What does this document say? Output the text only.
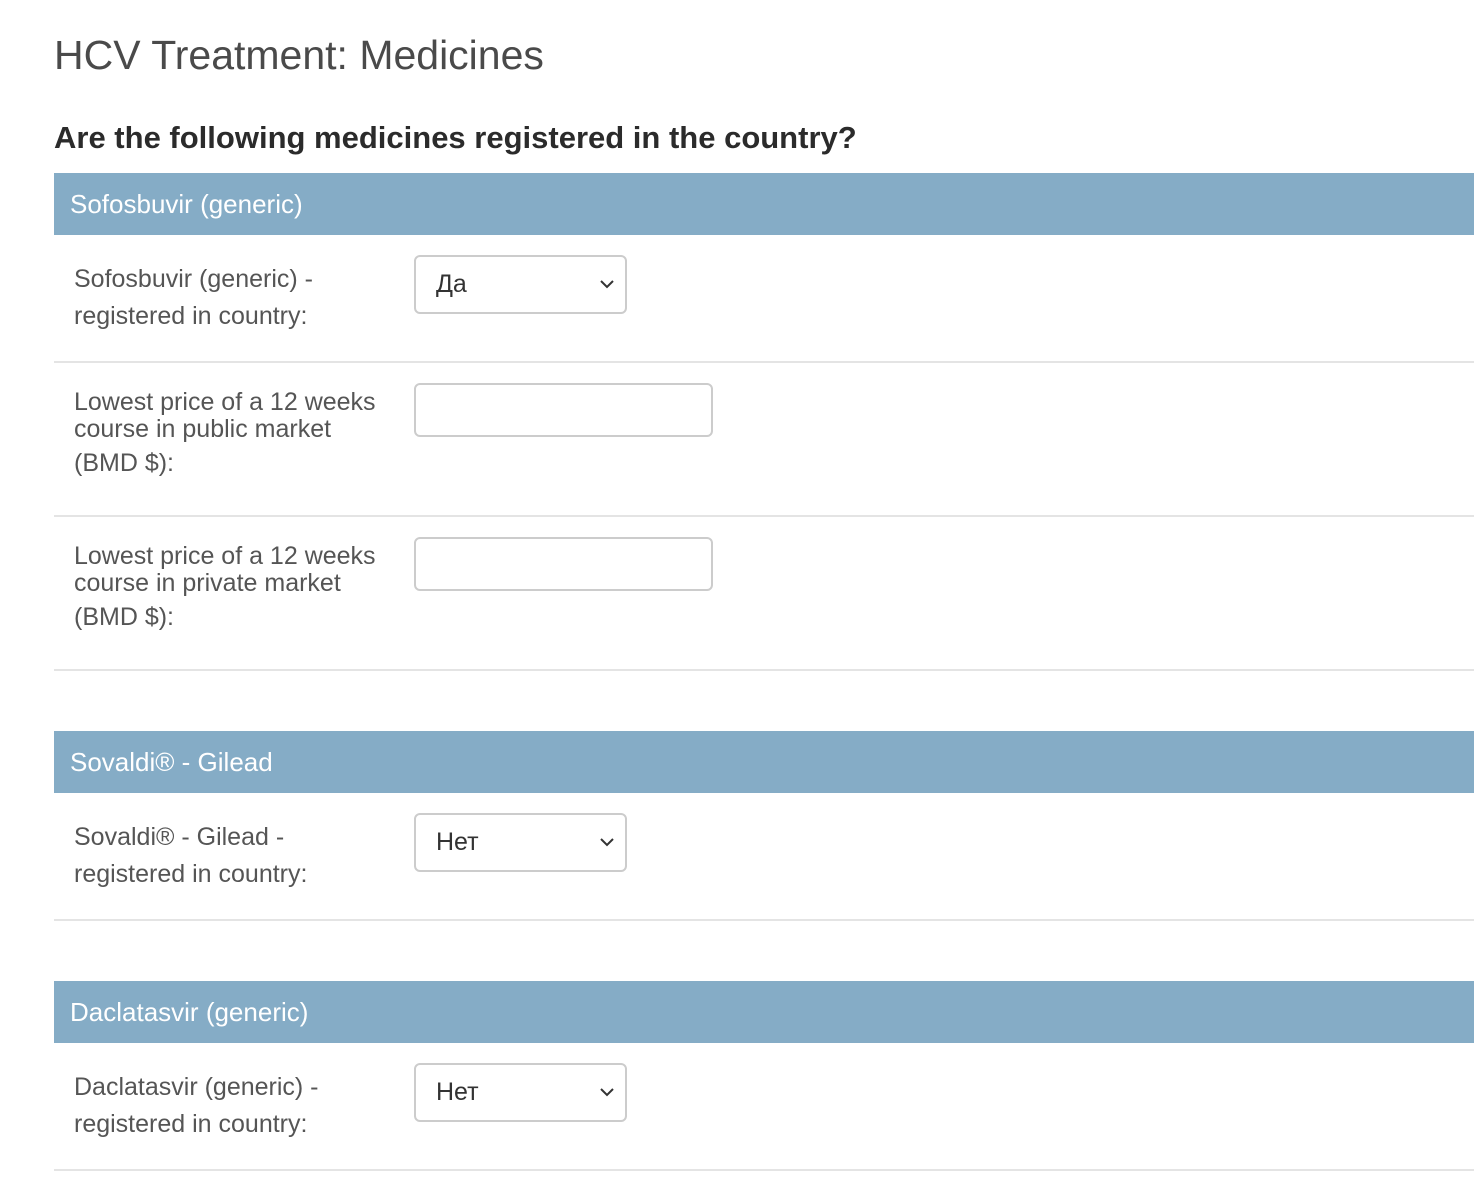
HCV Treatment: Medicines
Are the following medicines registered in the country?
Sofosbuvir (generic)
Sofosbuvir (generic) -
registered in country:
Да
Lowest price of a 12 weeks
course in public market
(BMD $):
Lowest price of a 12 weeks
course in private market
(BMD $):
Sovaldi® - Gilead
Sovaldi® - Gilead -
registered in country:
Нет
Daclatasvir (generic)
Daclatasvir (generic) -
registered in country:
Нет
